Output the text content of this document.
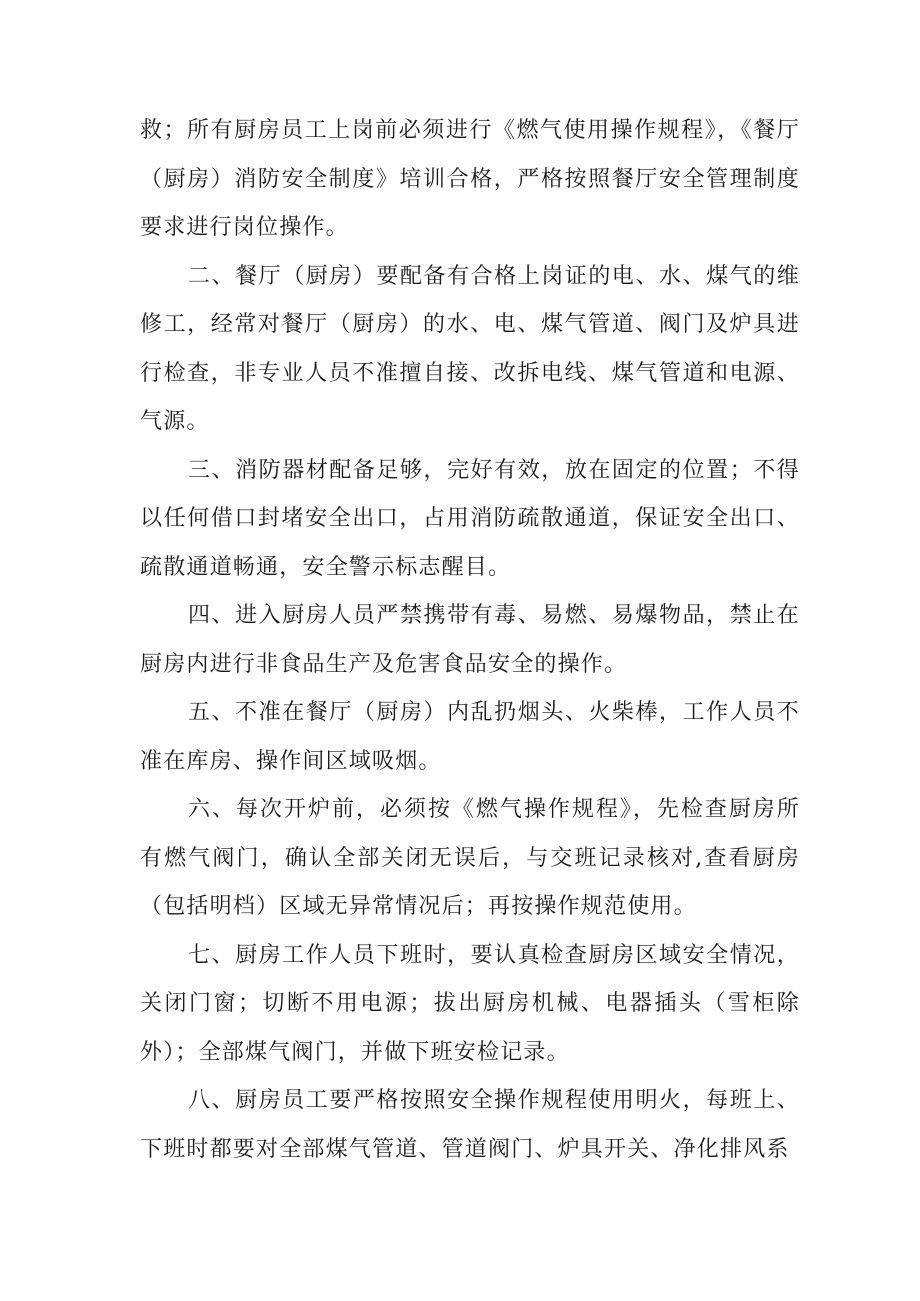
救；所有厨房员工上岗前必须进行《燃气使用操作规程》，《餐厅（厨房）消防安全制度》培训合格，严格按照餐厅安全管理制度要求进行岗位操作。

二、餐厅（厨房）要配备有合格上岗证的电、水、煤气的维修工，经常对餐厅（厨房）的水、电、煤气管道、阀门及炉具进行检查，非专业人员不准擅自接、改拆电线、煤气管道和电源、气源。

三、消防器材配备足够，完好有效，放在固定的位置；不得以任何借口封堵安全出口，占用消防疏散通道，保证安全出口、疏散通道畅通，安全警示标志醒目。

四、进入厨房人员严禁携带有毒、易燃、易爆物品，禁止在厨房内进行非食品生产及危害食品安全的操作。

五、不准在餐厅（厨房）内乱扔烟头、火柴棒，工作人员不准在库房、操作间区域吸烟。

六、每次开炉前，必须按《燃气操作规程》，先检查厨房所有燃气阀门，确认全部关闭无误后，与交班记录核对,查看厨房（包括明档）区域无异常情况后；再按操作规范使用。

七、厨房工作人员下班时，要认真检查厨房区域安全情况，关闭门窗；切断不用电源；拔出厨房机械、电器插头（雪柜除外）；全部煤气阀门，并做下班安检记录。

八、厨房员工要严格按照安全操作规程使用明火，每班上、下班时都要对全部煤气管道、管道阀门、炉具开关、净化排风系
